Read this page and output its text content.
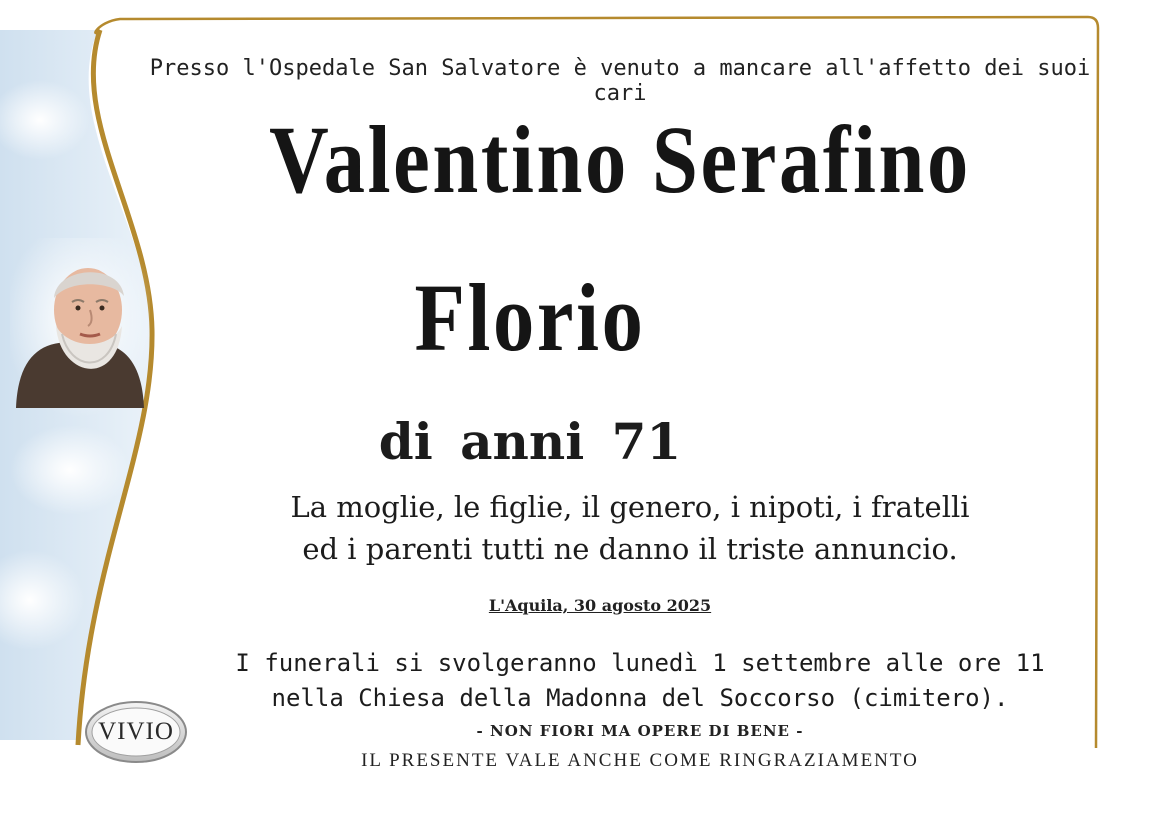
Presso l'Ospedale San Salvatore è venuto a mancare all'affetto dei suoi cari
Valentino Serafino
Florio
di anni 71
La moglie, le figlie, il genero, i nipoti, i fratelli
ed i parenti tutti ne danno il triste annuncio.
L'Aquila, 30 agosto 2025
I funerali si svolgeranno lunedì 1 settembre alle ore 11
nella Chiesa della Madonna del Soccorso (cimitero).
- NON FIORI MA OPERE DI BENE -
IL PRESENTE VALE ANCHE COME RINGRAZIAMENTO
VIVIO
